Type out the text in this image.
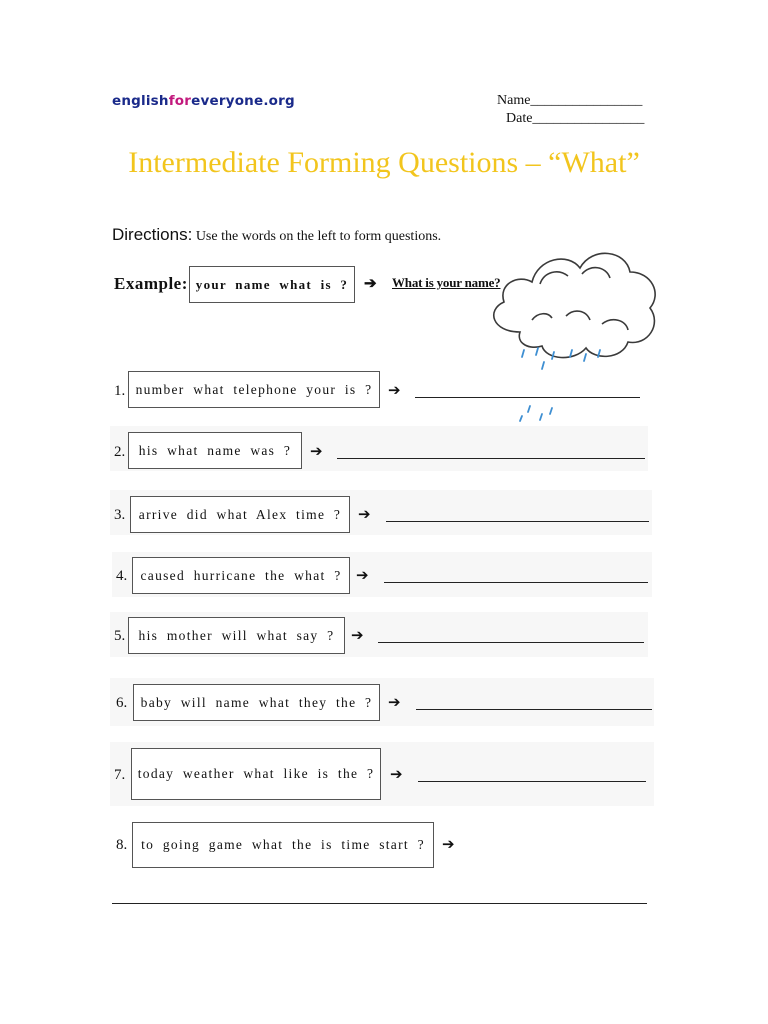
englishforeveryone.org	Name________________
Date________________
Intermediate Forming Questions – “What”
Directions: Use the words on the left to form questions.
Example: your name what is ?	➔ What is your name?
1. number what telephone your is ?	➔
2.	his what name was ?	➔
3.	arrive did what Alex time ?	➔
4. caused hurricane the what ? ➔
5. his mother will what say ?	➔
6. baby will name what they the ?	➔
7. today weather what like is the ?	➔
8.	to going game what the is time start ?	➔
